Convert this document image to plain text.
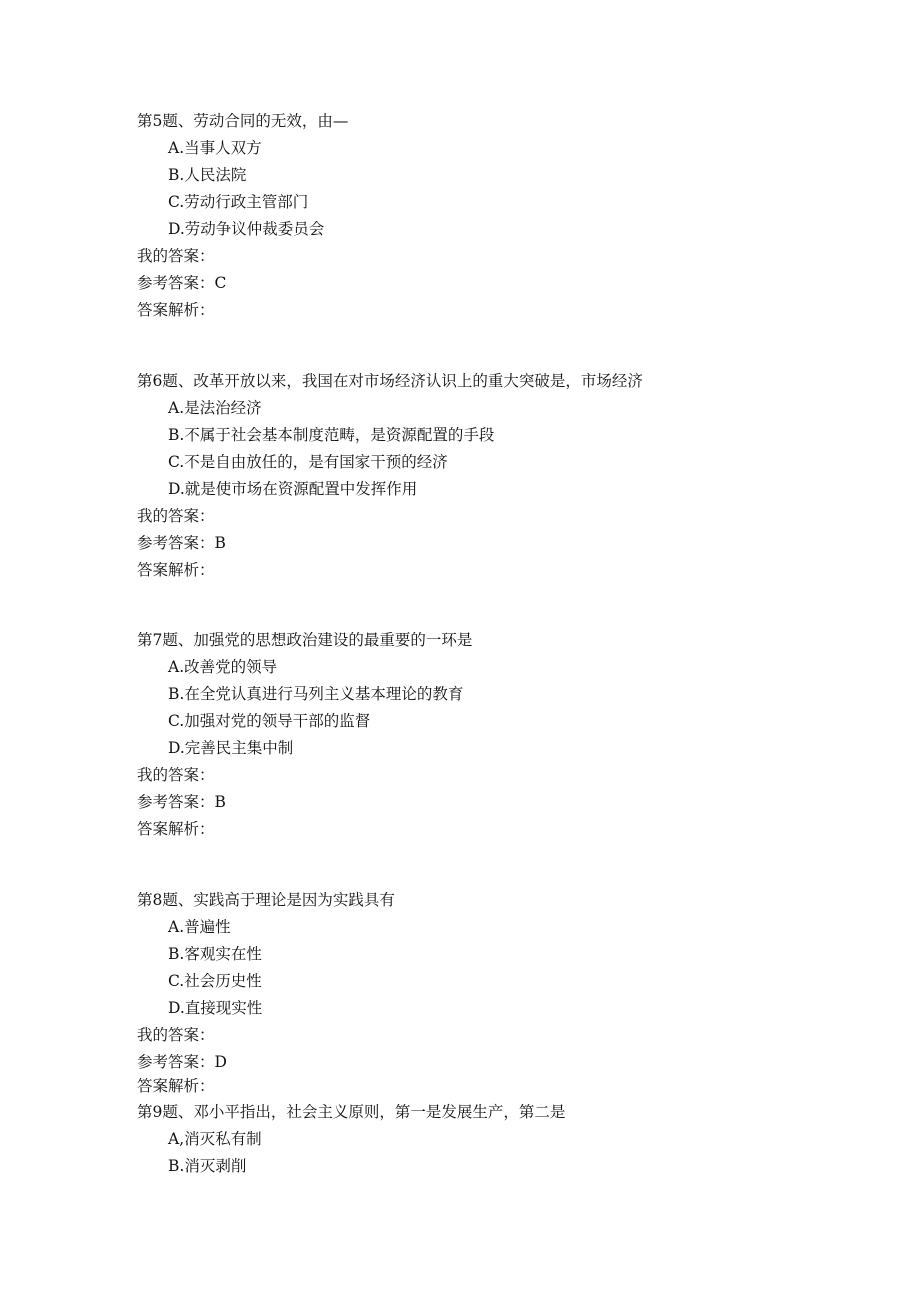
第5题、劳动合同的无效，由—
A.当事人双方
B.人民法院
C.劳动行政主管部门
D.劳动争议仲裁委员会
我的答案：
参考答案：C
答案解析：
第6题、改革开放以来，我国在对市场经济认识上的重大突破是，市场经济
A.是法治经济
B.不属于社会基本制度范畴，是资源配置的手段
C.不是自由放任的，是有国家干预的经济
D.就是使市场在资源配置中发挥作用
我的答案：
参考答案：B
答案解析：
第7题、加强党的思想政治建设的最重要的一环是
A.改善党的领导
B.在全党认真进行马列主义基本理论的教育
C.加强对党的领导干部的监督
D.完善民主集中制
我的答案：
参考答案：B
答案解析：
第8题、实践高于理论是因为实践具有
A.普遍性
B.客观实在性
C.社会历史性
D.直接现实性
我的答案：
参考答案：D
答案解析：
第9题、邓小平指出，社会主义原则，第一是发展生产，第二是
A,消灭私有制
B.消灭剥削
